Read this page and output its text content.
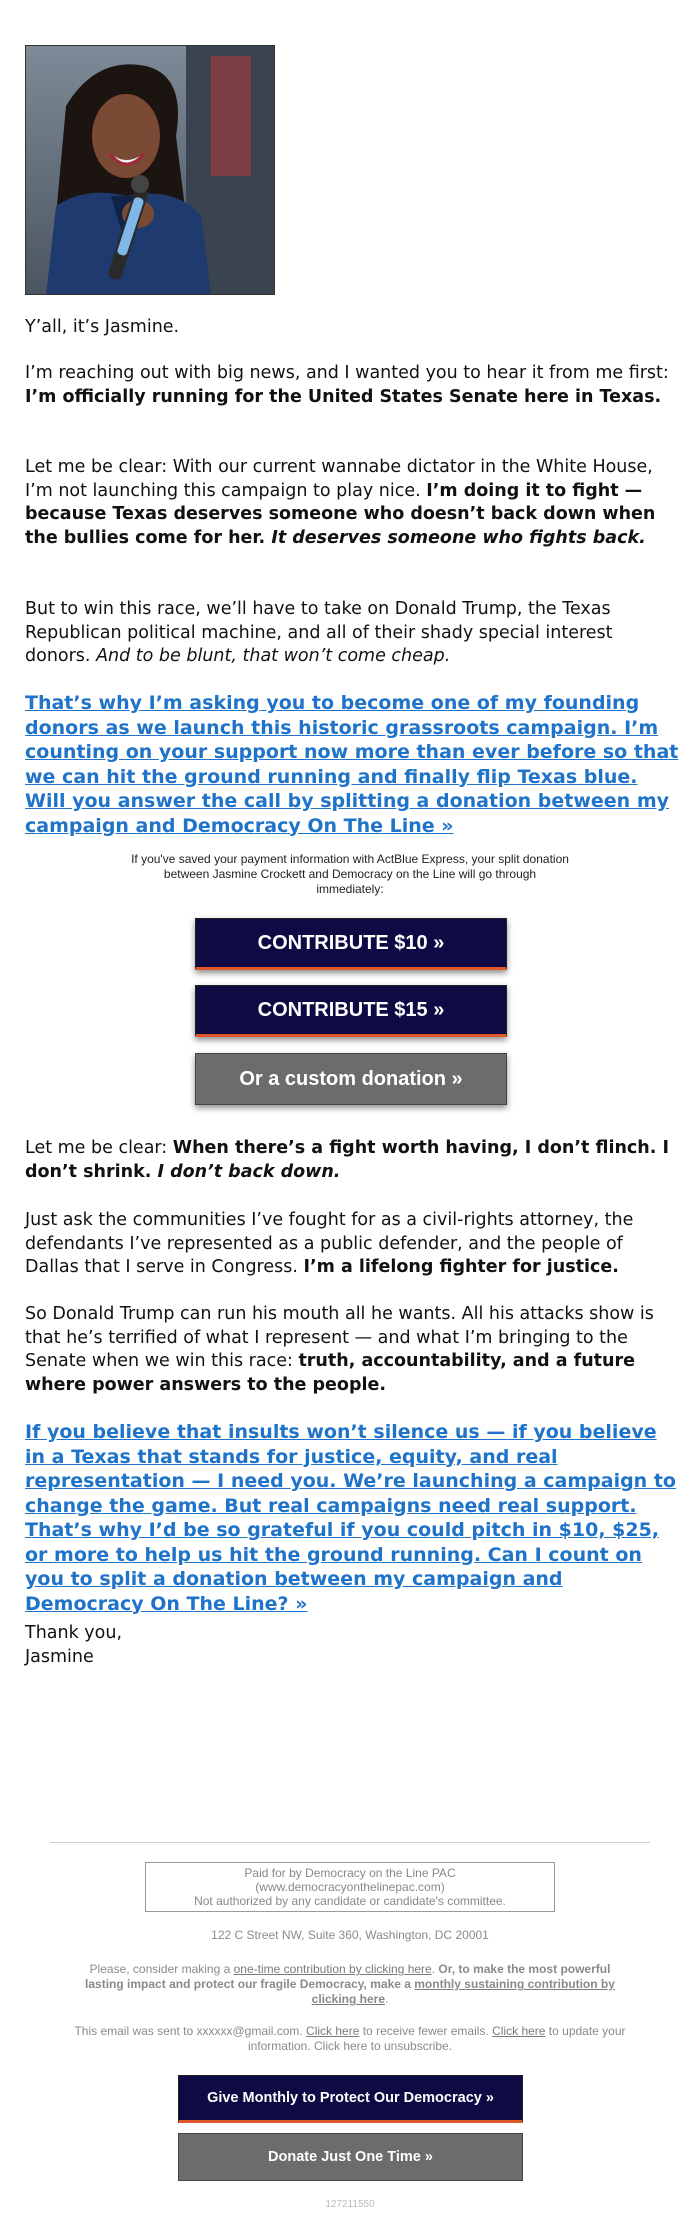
Y’all, it’s Jasmine.

I’m reaching out with big news, and I wanted you to hear it from me first: I’m officially running for the United States Senate here in Texas.

Let me be clear: With our current wannabe dictator in the White House, I’m not launching this campaign to play nice. I’m doing it to fight — because Texas deserves someone who doesn’t back down when the bullies come for her. It deserves someone who fights back.

But to win this race, we’ll have to take on Donald Trump, the Texas Republican political machine, and all of their shady special interest donors. And to be blunt, that won’t come cheap.

That’s why I’m asking you to become one of my founding donors as we launch this historic grassroots campaign. I’m counting on your support now more than ever before so that we can hit the ground running and finally flip Texas blue. Will you answer the call by splitting a donation between my campaign and Democracy On The Line »

If you've saved your payment information with ActBlue Express, your split donation between Jasmine Crockett and Democracy on the Line will go through immediately:
CONTRIBUTE $10 »
CONTRIBUTE $15 »
Or a custom donation »

Let me be clear: When there’s a fight worth having, I don’t flinch. I don’t shrink. I don’t back down.

Just ask the communities I’ve fought for as a civil-rights attorney, the defendants I’ve represented as a public defender, and the people of Dallas that I serve in Congress. I’m a lifelong fighter for justice.

So Donald Trump can run his mouth all he wants. All his attacks show is that he’s terrified of what I represent — and what I’m bringing to the Senate when we win this race: truth, accountability, and a future where power answers to the people.

If you believe that insults won’t silence us — if you believe in a Texas that stands for justice, equity, and real representation — I need you. We’re launching a campaign to change the game. But real campaigns need real support. That’s why I’d be so grateful if you could pitch in $10, $25, or more to help us hit the ground running. Can I count on you to split a donation between my campaign and Democracy On The Line? »

Thank you,

Jasmine

Paid for by Democracy on the Line PAC
(www.democracyonthelinepac.com)
Not authorized by any candidate or candidate's committee.
122 C Street NW, Suite 360, Washington, DC 20001
Please, consider making a one-time contribution by clicking here. Or, to make the most powerful lasting impact and protect our fragile Democracy, make a monthly sustaining contribution by clicking here.
This email was sent to xxxxxx@gmail.com. Click here to receive fewer emails. Click here to update your information. Click here to unsubscribe.
Give Monthly to Protect Our Democracy »
Donate Just One Time »
127211550
